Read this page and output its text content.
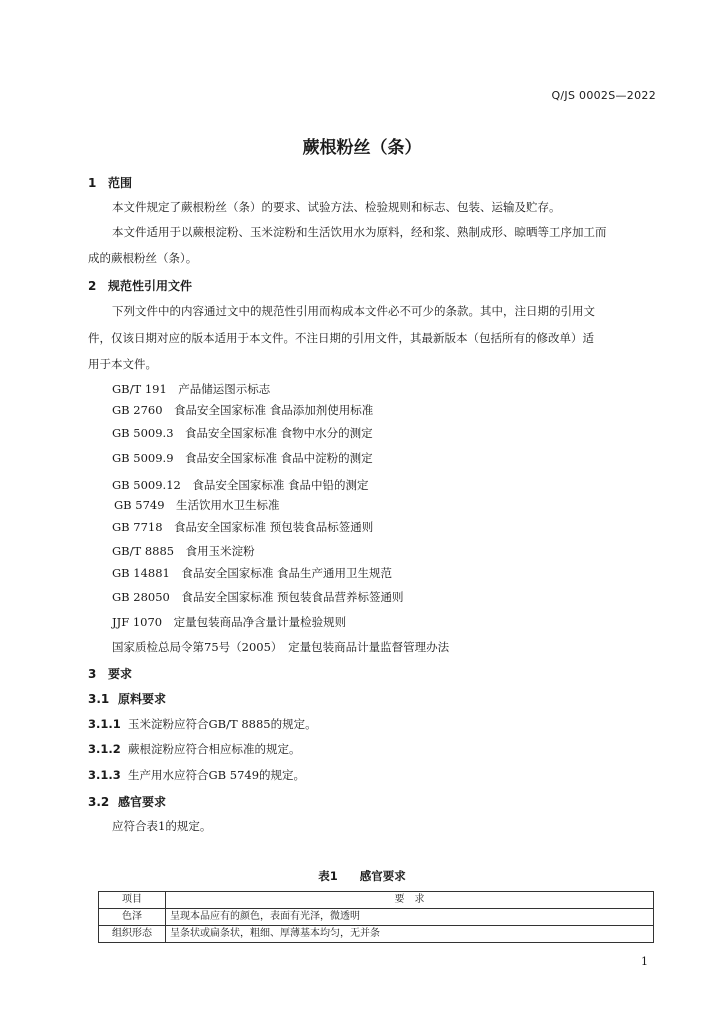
Q/JS 0002S—2022
蕨根粉丝（条）
1 范围
本文件规定了蕨根粉丝（条）的要求、试验方法、检验规则和标志、包装、运输及贮存。
本文件适用于以蕨根淀粉、玉米淀粉和生活饮用水为原料，经和浆、熟制成形、晾晒等工序加工而
成的蕨根粉丝（条）。
2 规范性引用文件
下列文件中的内容通过文中的规范性引用而构成本文件必不可少的条款。其中，注日期的引用文
件，仅该日期对应的版本适用于本文件。不注日期的引用文件，其最新版本（包括所有的修改单）适
用于本文件。
GB/T 191　产品储运图示标志
GB 2760　食品安全国家标准 食品添加剂使用标准
GB 5009.3　食品安全国家标准 食物中水分的测定
GB 5009.9　食品安全国家标准 食品中淀粉的测定
GB 5009.12　食品安全国家标准 食品中铅的测定
GB 5749　生活饮用水卫生标准
GB 7718　食品安全国家标准 预包装食品标签通则
GB/T 8885　食用玉米淀粉
GB 14881　食品安全国家标准 食品生产通用卫生规范
GB 28050　食品安全国家标准 预包装食品营养标签通则
JJF 1070　定量包装商品净含量计量检验规则
国家质检总局令第75号（2005）　定量包装商品计量监督管理办法
3 要求
3.1 原料要求
3.1.1 玉米淀粉应符合GB/T 8885的规定。
3.1.2 蕨根淀粉应符合相应标准的规定。
3.1.3 生产用水应符合GB 5749的规定。
3.2 感官要求
应符合表1的规定。
表1 感官要求
项目	要　求
色泽	呈现本品应有的颜色，表面有光泽，微透明
组织形态	呈条状或扁条状，粗细、厚薄基本均匀，无并条
1
